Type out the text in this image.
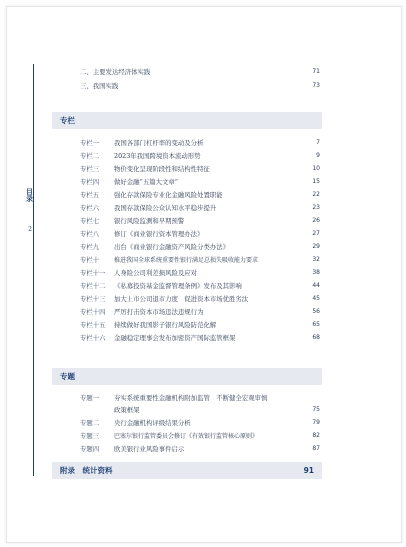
目录
2
二、主要发达经济体实践	71
三、我国实践	73
专栏
专栏一 我国各部门杠杆率的变动及分析	7
专栏二 2023年我国跨境资本流动形势	9
专栏三 物价变化呈现阶段性和结构性特征	10
专栏四 做好金融“五篇大文章”	15
专栏五 强化存款保险专业化金融风险处置职能	22
专栏六 我国存款保险公众认知水平稳步提升	23
专栏七 银行风险监测和早期预警	26
专栏八 修订《商业银行资本管理办法》	27
专栏九 出台《商业银行金融资产风险分类办法》	29
专栏十 推进我国全球系统重要性银行满足总损失吸收能力要求	32
专栏十一 人身险公司利差损风险及应对	38
专栏十二 《私募投资基金监督管理条例》发布及其影响	44
专栏十三 加大上市公司退市力度　促进资本市场优胜劣汰	45
专栏十四 严厉打击资本市场违法违规行为	56
专栏十五 持续做好我国影子银行风险防范化解	65
专栏十六 金融稳定理事会发布加密资产国际监管框架	68
专题
专题一 夯实系统重要性金融机构附加监管　不断健全宏观审慎
政策框架	75
专题二 央行金融机构评级结果分析	79
专题三 巴塞尔银行监管委员会修订《有效银行监管核心原则》	82
专题四 欧美银行业风险事件启示	87
附录　统计资料	91
